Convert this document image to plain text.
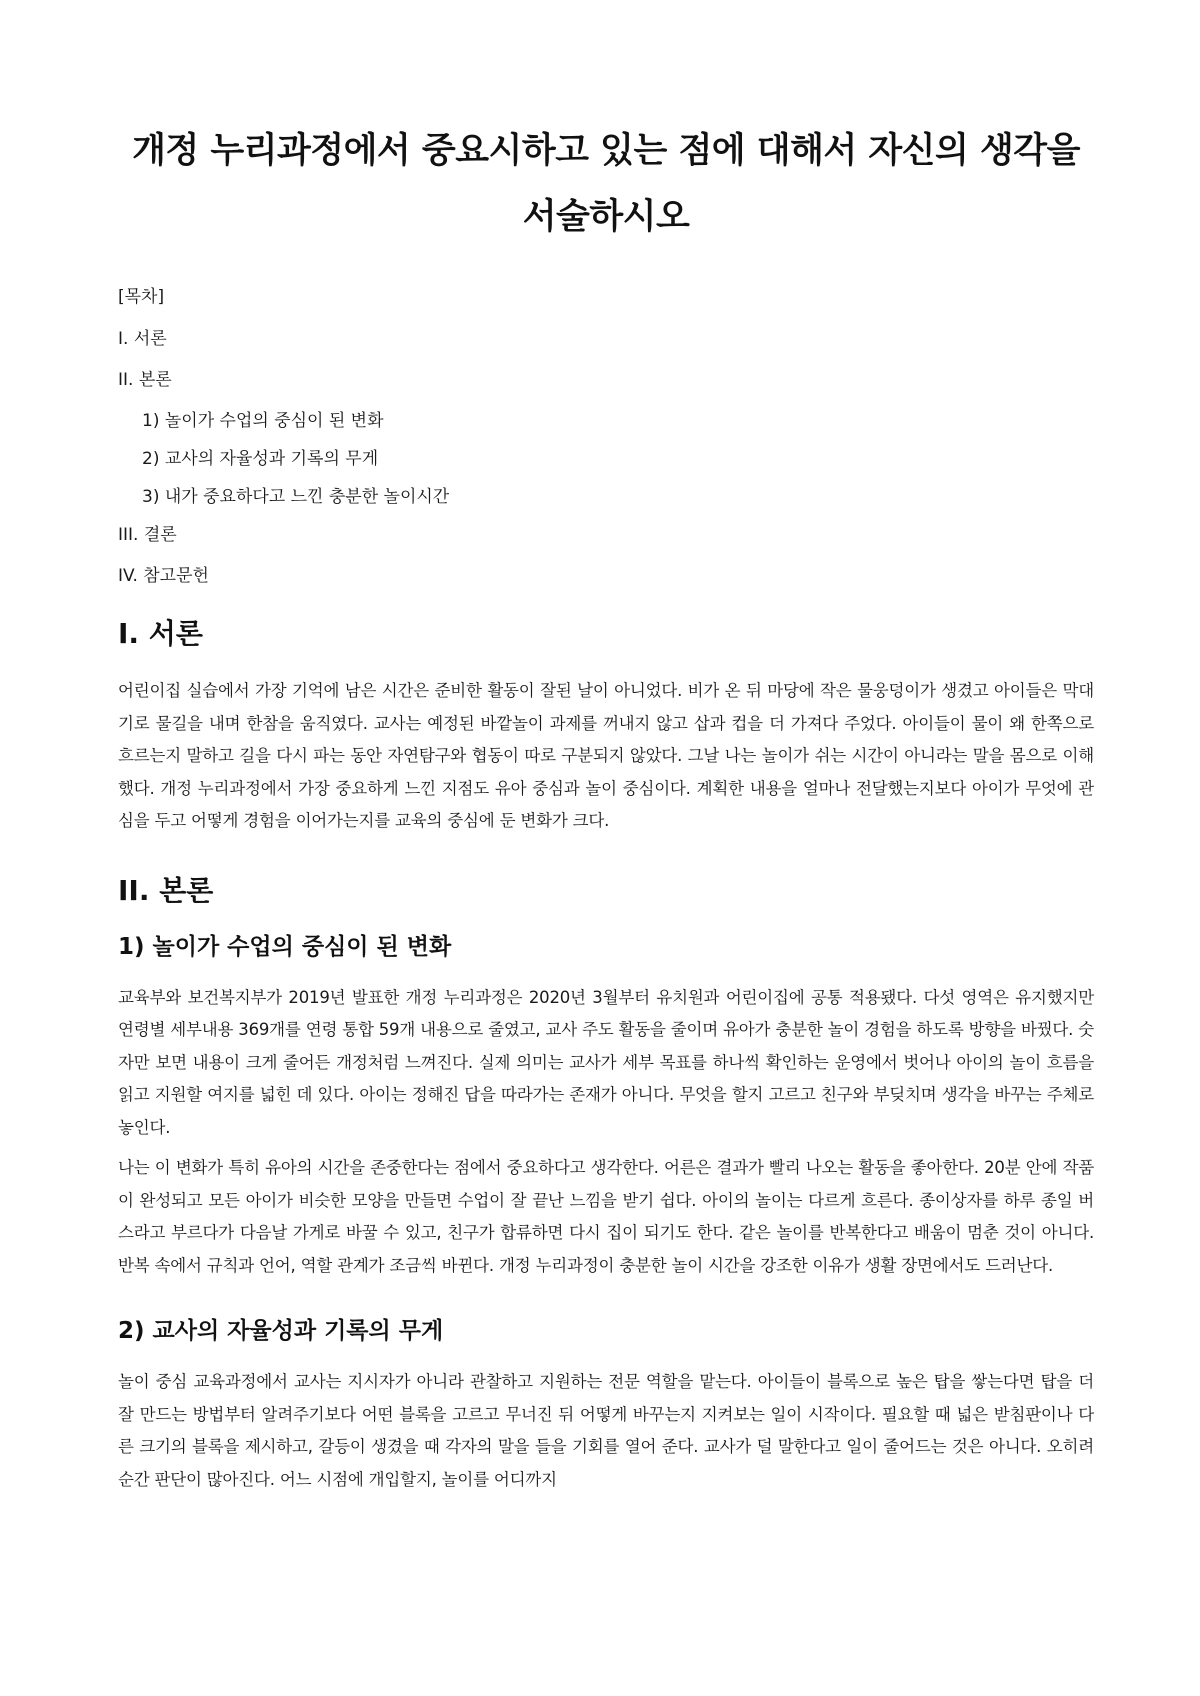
개정 누리과정에서 중요시하고 있는 점에 대해서 자신의 생각을 서술하시오
[목차]
I. 서론
II. 본론
1) 놀이가 수업의 중심이 된 변화
2) 교사의 자율성과 기록의 무게
3) 내가 중요하다고 느낀 충분한 놀이시간
III. 결론
IV. 참고문헌
I. 서론

어린이집 실습에서 가장 기억에 남은 시간은 준비한 활동이 잘된 날이 아니었다. 비가 온 뒤 마당에 작은 물웅덩이가 생겼고 아이들은 막대기로 물길을 내며 한참을 움직였다. 교사는 예정된 바깥놀이 과제를 꺼내지 않고 삽과 컵을 더 가져다 주었다. 아이들이 물이 왜 한쪽으로 흐르는지 말하고 길을 다시 파는 동안 자연탐구와 협동이 따로 구분되지 않았다. 그날 나는 놀이가 쉬는 시간이 아니라는 말을 몸으로 이해했다. 개정 누리과정에서 가장 중요하게 느낀 지점도 유아 중심과 놀이 중심이다. 계획한 내용을 얼마나 전달했는지보다 아이가 무엇에 관심을 두고 어떻게 경험을 이어가는지를 교육의 중심에 둔 변화가 크다.

II. 본론
1) 놀이가 수업의 중심이 된 변화

교육부와 보건복지부가 2019년 발표한 개정 누리과정은 2020년 3월부터 유치원과 어린이집에 공통 적용됐다. 다섯 영역은 유지했지만 연령별 세부내용 369개를 연령 통합 59개 내용으로 줄였고, 교사 주도 활동을 줄이며 유아가 충분한 놀이 경험을 하도록 방향을 바꿨다. 숫자만 보면 내용이 크게 줄어든 개정처럼 느껴진다. 실제 의미는 교사가 세부 목표를 하나씩 확인하는 운영에서 벗어나 아이의 놀이 흐름을 읽고 지원할 여지를 넓힌 데 있다. 아이는 정해진 답을 따라가는 존재가 아니다. 무엇을 할지 고르고 친구와 부딪치며 생각을 바꾸는 주체로 놓인다.

나는 이 변화가 특히 유아의 시간을 존중한다는 점에서 중요하다고 생각한다. 어른은 결과가 빨리 나오는 활동을 좋아한다. 20분 안에 작품이 완성되고 모든 아이가 비슷한 모양을 만들면 수업이 잘 끝난 느낌을 받기 쉽다. 아이의 놀이는 다르게 흐른다. 종이상자를 하루 종일 버스라고 부르다가 다음날 가게로 바꿀 수 있고, 친구가 합류하면 다시 집이 되기도 한다. 같은 놀이를 반복한다고 배움이 멈춘 것이 아니다. 반복 속에서 규칙과 언어, 역할 관계가 조금씩 바뀐다. 개정 누리과정이 충분한 놀이 시간을 강조한 이유가 생활 장면에서도 드러난다.

2) 교사의 자율성과 기록의 무게

놀이 중심 교육과정에서 교사는 지시자가 아니라 관찰하고 지원하는 전문 역할을 맡는다. 아이들이 블록으로 높은 탑을 쌓는다면 탑을 더 잘 만드는 방법부터 알려주기보다 어떤 블록을 고르고 무너진 뒤 어떻게 바꾸는지 지켜보는 일이 시작이다. 필요할 때 넓은 받침판이나 다른 크기의 블록을 제시하고, 갈등이 생겼을 때 각자의 말을 들을 기회를 열어 준다. 교사가 덜 말한다고 일이 줄어드는 것은 아니다. 오히려 순간 판단이 많아진다. 어느 시점에 개입할지, 놀이를 어디까지
